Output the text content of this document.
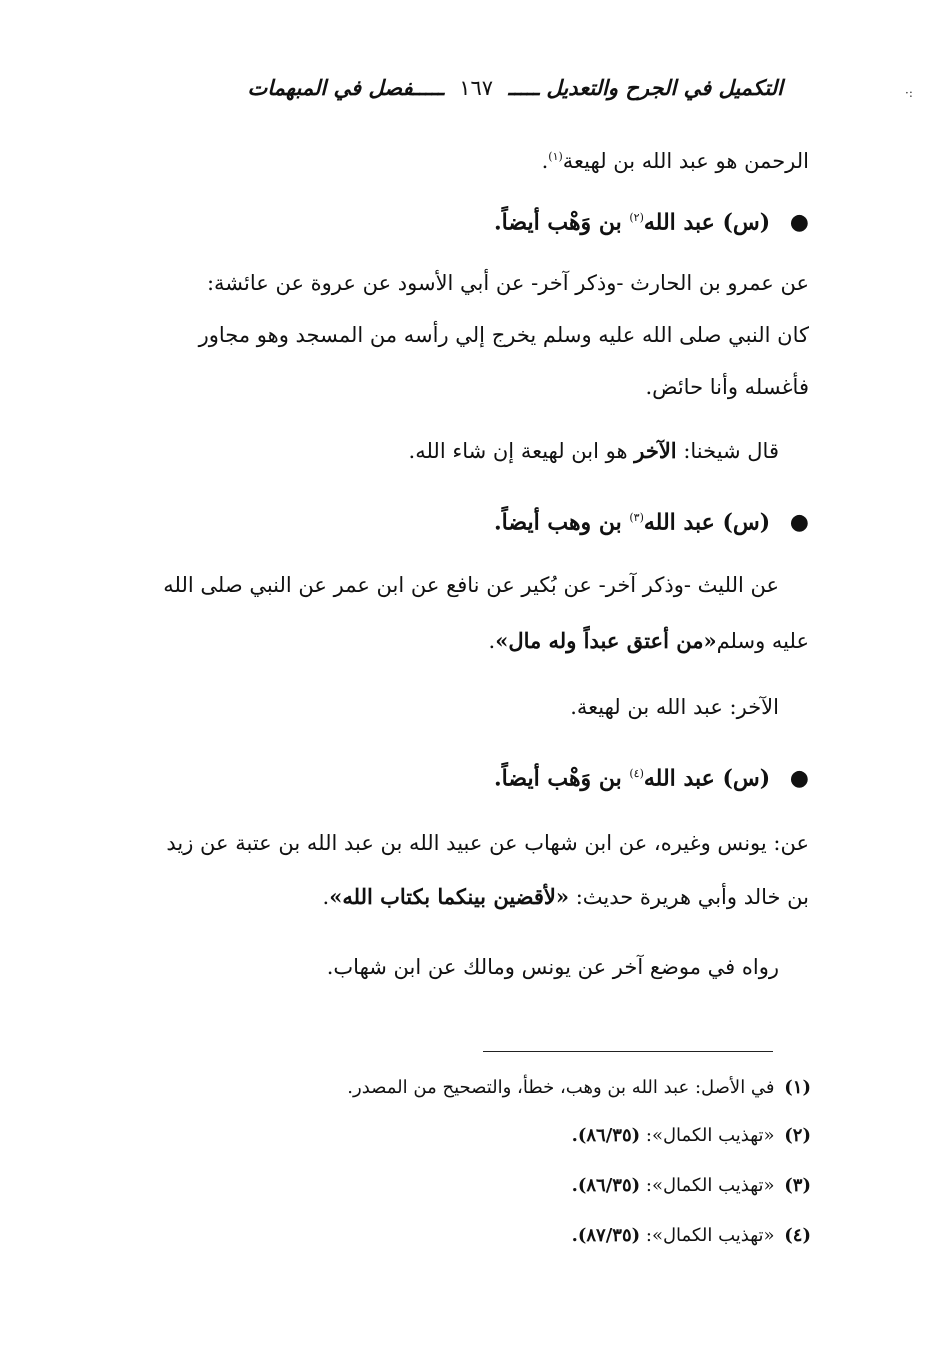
التكميل في الجرح والتعديل ـــــ ١٦٧ ـــــفصل في المبهمات	·:
الرحمن هو عبد الله بن لهيعة$^{(١)}$.
● (س) عبد الله$^{(٢)}$ بن وَهْب أيضاً.
عن عمرو بن الحارث -وذكر آخر- عن أبي الأسود عن عروة عن عائشة:
كان النبي صلى الله عليه وسلم يخرج إلي رأسه من المسجد وهو مجاور
فأغسله وأنا حائض.
قال شيخنا: الآخر هو ابن لهيعة إن شاء الله.
● (س) عبد الله$^{(٣)}$ بن وهب أيضاً.
عن الليث -وذكر آخر- عن بُكير عن نافع عن ابن عمر عن النبي صلى الله
عليه وسلم«من أعتق عبداً وله مال».
الآخر: عبد الله بن لهيعة.
● (س) عبد الله$^{(٤)}$ بن وَهْب أيضاً.
عن: يونس وغيره، عن ابن شهاب عن عبيد الله بن عبد الله بن عتبة عن زيد
بن خالد وأبي هريرة حديث: «لأقضين بينكما بكتاب الله».
رواه في موضع آخر عن يونس ومالك عن ابن شهاب.
(١) في الأصل: عبد الله بن وهب، خطأ، والتصحيح من المصدر.
(٢) «تهذيب الكمال»: (٨٦/٣٥).
(٣) «تهذيب الكمال»: (٨٦/٣٥).
(٤) «تهذيب الكمال»: (٨٧/٣٥).
